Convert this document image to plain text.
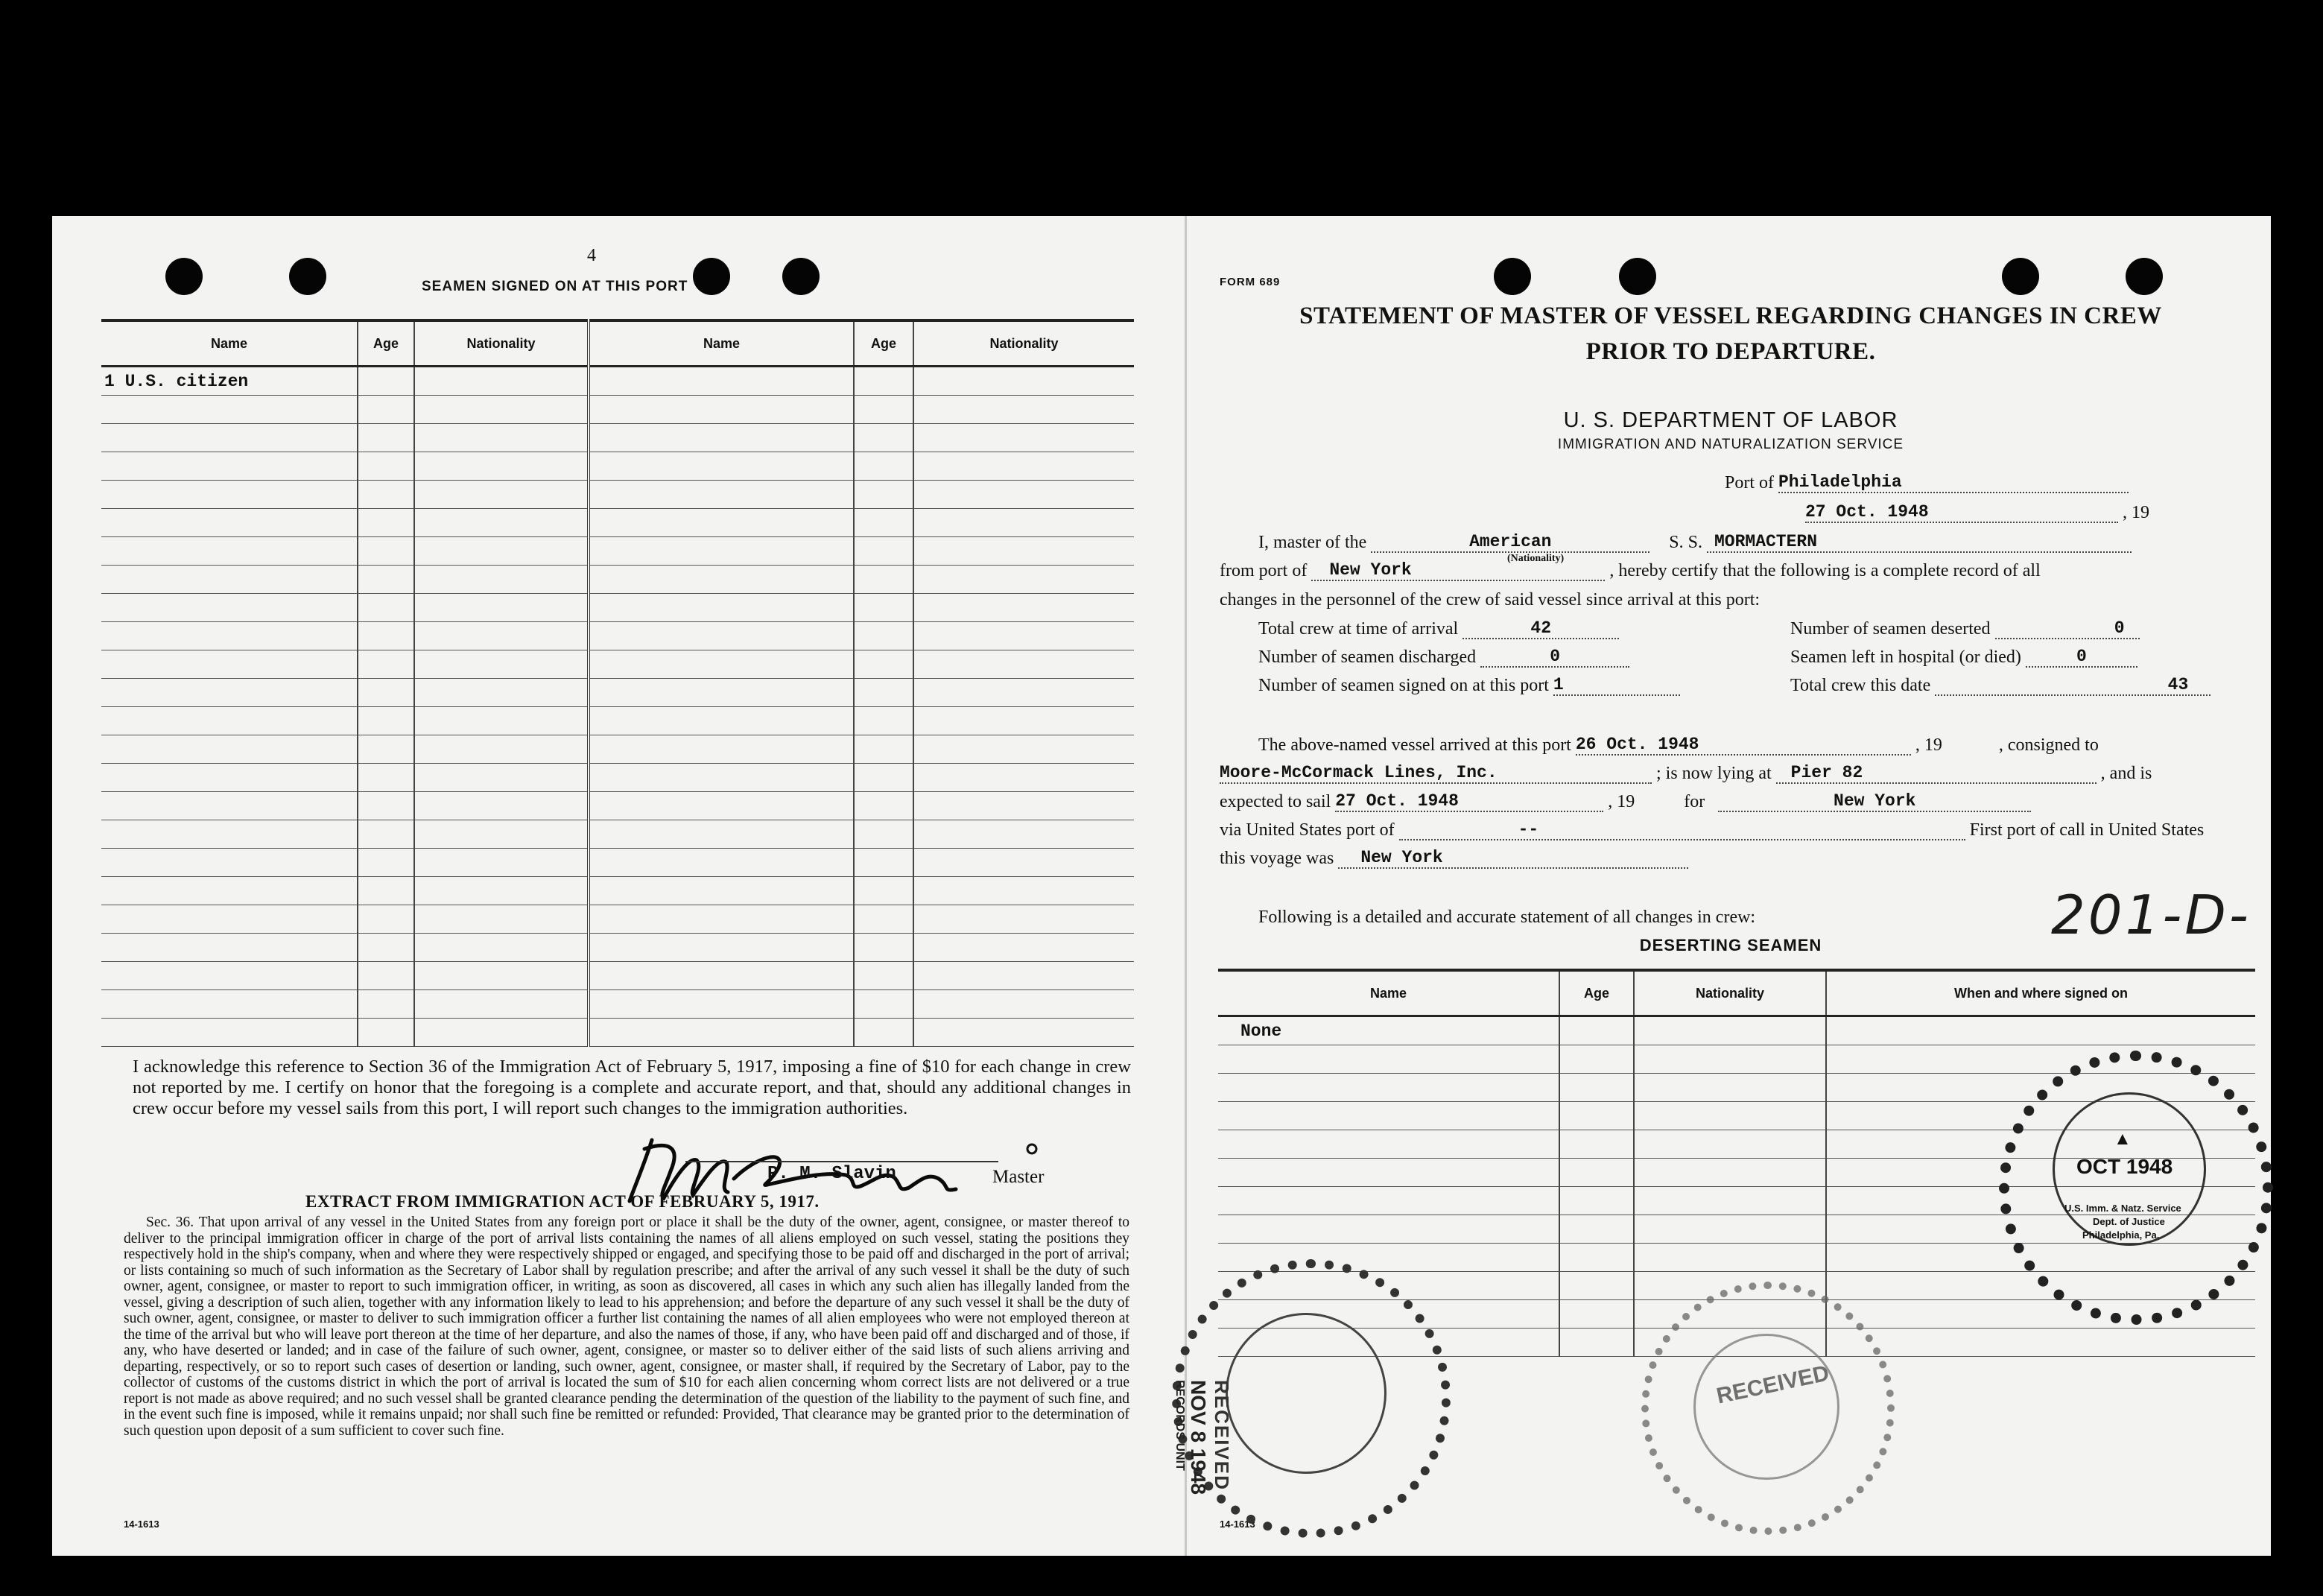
4
SEAMEN SIGNED ON AT THIS PORT
Name	Age	Nationality	Name	Age	Nationality
1 U.S. citizen					

I acknowledge this reference to Section 36 of the Immigration Act of February 5, 1917, imposing a fine of $10 for each change in crew not reported by me. I certify on honor that the foregoing is a complete and accurate report, and that, should any additional changes in crew occur before my vessel sails from this port, I will report such changes to the immigration authorities.
P. M. Slavin	Master
EXTRACT FROM IMMIGRATION ACT OF FEBRUARY 5, 1917.
Sec. 36. That upon arrival of any vessel in the United States from any foreign port or place it shall be the duty of the owner, agent, consignee, or master thereof to deliver to the principal immigration officer in charge of the port of arrival lists containing the names of all aliens employed on such vessel, stating the positions they respectively hold in the ship's company, when and where they were respectively shipped or engaged, and specifying those to be paid off and discharged in the port of arrival; or lists containing so much of such information as the Secretary of Labor shall by regulation prescribe; and after the arrival of any such vessel it shall be the duty of such owner, agent, consignee, or master to report to such immigration officer, in writing, as soon as discovered, all cases in which any such alien has illegally landed from the vessel, giving a description of such alien, together with any information likely to lead to his apprehension; and before the departure of any such vessel it shall be the duty of such owner, agent, consignee, or master to deliver to such immigration officer a further list containing the names of all alien employees who were not employed thereon at the time of the arrival but who will leave port thereon at the time of her departure, and also the names of those, if any, who have been paid off and discharged and of those, if any, who have deserted or landed; and in case of the failure of such owner, agent, consignee, or master so to deliver either of the said lists of such aliens arriving and departing, respectively, or so to report such cases of desertion or landing, such owner, agent, consignee, or master shall, if required by the Secretary of Labor, pay to the collector of customs of the customs district in which the port of arrival is located the sum of $10 for each alien concerning whom correct lists are not delivered or a true report is not made as above required; and no such vessel shall be granted clearance pending the determination of the question of the liability to the payment of such fine, and in the event such fine is imposed, while it remains unpaid; nor shall such fine be remitted or refunded: Provided, That clearance may be granted prior to the determination of such question upon deposit of a sum sufficient to cover such fine.
14-1613
FORM 689
STATEMENT OF MASTER OF VESSEL REGARDING CHANGES IN CREW
PRIOR TO DEPARTURE.
U. S. DEPARTMENT OF LABOR
IMMIGRATION AND NATURALIZATION SERVICE
Port of Philadelphia
27 Oct. 1948	, 19
I, master of the	American	S. S. MORMACTERN
(Nationality)
from port of New York	, hereby certify that the following is a complete record of all
changes in the personnel of the crew of said vessel since arrival at this port:
Total crew at time of arrival	42
Number of seamen discharged	0
Number of seamen signed on at this port 1
Number of seamen deserted	0
Seamen left in hospital (or died)	0
Total crew this date	43
The above-named vessel arrived at this port 26 Oct. 1948	, 19	, consigned to
Moore-McCormack Lines, Inc.	; is now lying at Pier 82	, and is
expected to sail 27 Oct. 1948	, 19	for	New York
via United States port of	--	First port of call in United States
this voyage was New York
Following is a detailed and accurate statement of all changes in crew:	201-D-
DESERTING SEAMEN
Name	Age	Nationality	When and where signed on
None			

14-1613
▲
OCT 1948
U.S. Imm. & Natz. Service
Dept. of Justice
Philadelphia, Pa.
RECEIVED
NOV 8 1948
RECORDS UNIT	RECEIVED
